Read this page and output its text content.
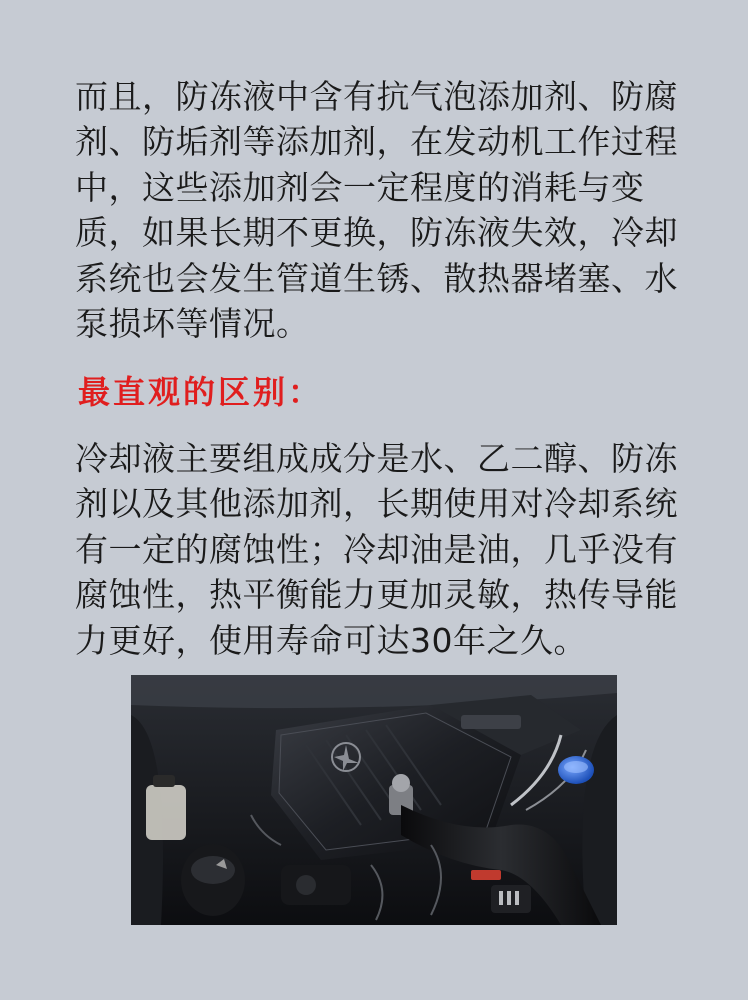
而且，防冻液中含有抗气泡添加剂、防腐
剂、防垢剂等添加剂，在发动机工作过程
中，这些添加剂会一定程度的消耗与变
质，如果长期不更换，防冻液失效，冷却
系统也会发生管道生锈、散热器堵塞、水
泵损坏等情况。
最直观的区别：
冷却液主要组成成分是水、乙二醇、防冻
剂以及其他添加剂，长期使用对冷却系统
有一定的腐蚀性；冷却油是油，几乎没有
腐蚀性，热平衡能力更加灵敏，热传导能
力更好，使用寿命可达30年之久。
